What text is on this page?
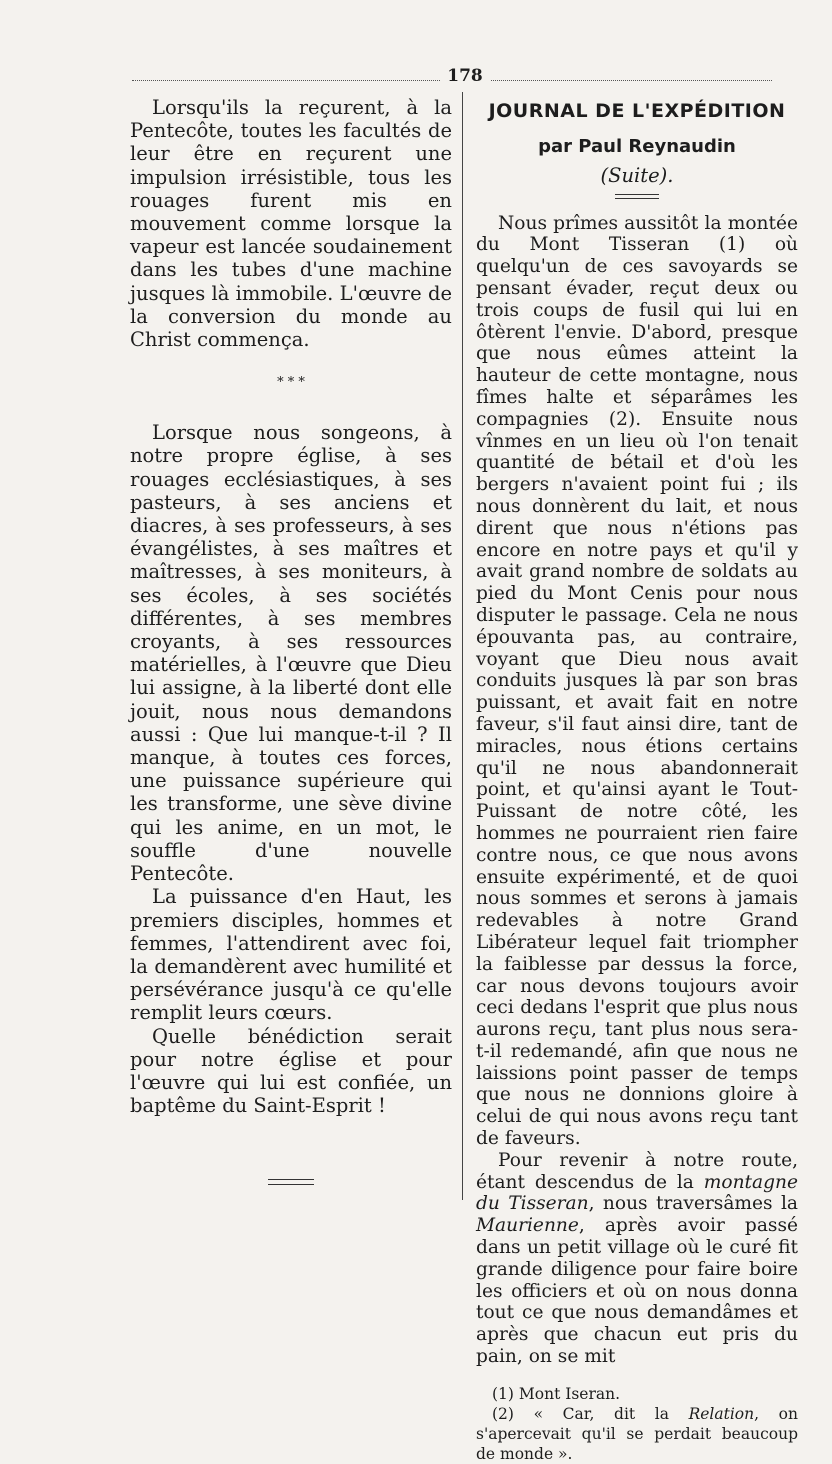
178

Lorsqu'ils la reçurent, à la Pentecôte, toutes les facultés de leur être en reçurent une impulsion irrésistible, tous les rouages furent mis en mouvement comme lorsque la vapeur est lancée soudainement dans les tubes d'une machine jusques là immobile. L'œuvre de la conversion du monde au Christ commença.

* * *

Lorsque nous songeons, à notre propre église, à ses rouages ecclésiastiques, à ses pasteurs, à ses anciens et diacres, à ses professeurs, à ses évangélistes, à ses maîtres et maîtresses, à ses moniteurs, à ses écoles, à ses sociétés différentes, à ses membres croyants, à ses ressources matérielles, à l'œuvre que Dieu lui assigne, à la liberté dont elle jouit, nous nous demandons aussi : Que lui manque-t-il ? Il manque, à toutes ces forces, une puissance supérieure qui les transforme, une sève divine qui les anime, en un mot, le souffle d'une nouvelle Pentecôte.

La puissance d'en Haut, les premiers disciples, hommes et femmes, l'attendirent avec foi, la demandèrent avec humilité et persévérance jusqu'à ce qu'elle remplit leurs cœurs.

Quelle bénédiction serait pour notre église et pour l'œuvre qui lui est confiée, un baptême du Saint-Esprit !

JOURNAL DE L'EXPÉDITION
par Paul Reynaudin
(Suite).

Nous prîmes aussitôt la montée du Mont Tisseran (1) où quelqu'un de ces savoyards se pensant évader, reçut deux ou trois coups de fusil qui lui en ôtèrent l'envie. D'abord, presque que nous eûmes atteint la hauteur de cette montagne, nous fîmes halte et séparâmes les compagnies (2). Ensuite nous vînmes en un lieu où l'on tenait quantité de bétail et d'où les bergers n'avaient point fui ; ils nous donnèrent du lait, et nous dirent que nous n'étions pas encore en notre pays et qu'il y avait grand nombre de soldats au pied du Mont Cenis pour nous disputer le passage. Cela ne nous épouvanta pas, au contraire, voyant que Dieu nous avait conduits jusques là par son bras puissant, et avait fait en notre faveur, s'il faut ainsi dire, tant de miracles, nous étions certains qu'il ne nous abandonnerait point, et qu'ainsi ayant le Tout-Puissant de notre côté, les hommes ne pourraient rien faire contre nous, ce que nous avons ensuite expérimenté, et de quoi nous sommes et serons à jamais redevables à notre Grand Libérateur lequel fait triompher la faiblesse par dessus la force, car nous devons toujours avoir ceci dedans l'esprit que plus nous aurons reçu, tant plus nous sera-t-il redemandé, afin que nous ne laissions point passer de temps que nous ne donnions gloire à celui de qui nous avons reçu tant de faveurs.

Pour revenir à notre route, étant descendus de la montagne du Tisseran, nous traversâmes la Maurienne, après avoir passé dans un petit village où le curé fit grande diligence pour faire boire les officiers et où on nous donna tout ce que nous demandâmes et après que chacun eut pris du pain, on se mit

(1) Mont Iseran.

(2) « Car, dit la Relation, on s'apercevait qu'il se perdait beaucoup de monde ».
